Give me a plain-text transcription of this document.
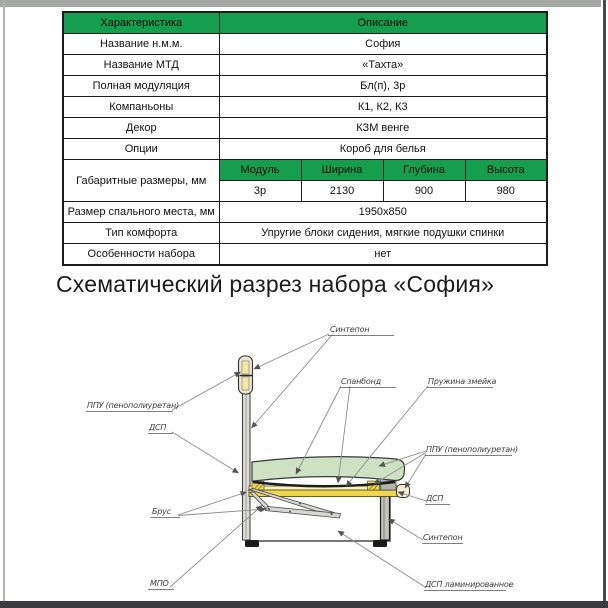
Характеристика	Описание			
Название н.м.м.	София			
Название МТД	«Тахта»			
Полная модуляция	Бл(п), 3р			
Компаньоны	К1, К2, К3			
Декор	КЗМ венге			
Опции	Короб для белья			
Габаритные размеры, мм	Модуль	Ширина	Глубина	Высота
	3р	2130	900	980
Размер спального места, мм	1950x850			
Тип комфорта	Упругие блоки сидения, мягкие подушки спинки			
Особенности набора	нет			
Схематический разрез набора «София»
Синтепон
ППУ (пенополиуретан)
ДСП
Спанбонд	Пружина змейка
ППУ (пенополиуретан)
ДСП
Синтепон
ДСП ламинированное
Брус
МПО
